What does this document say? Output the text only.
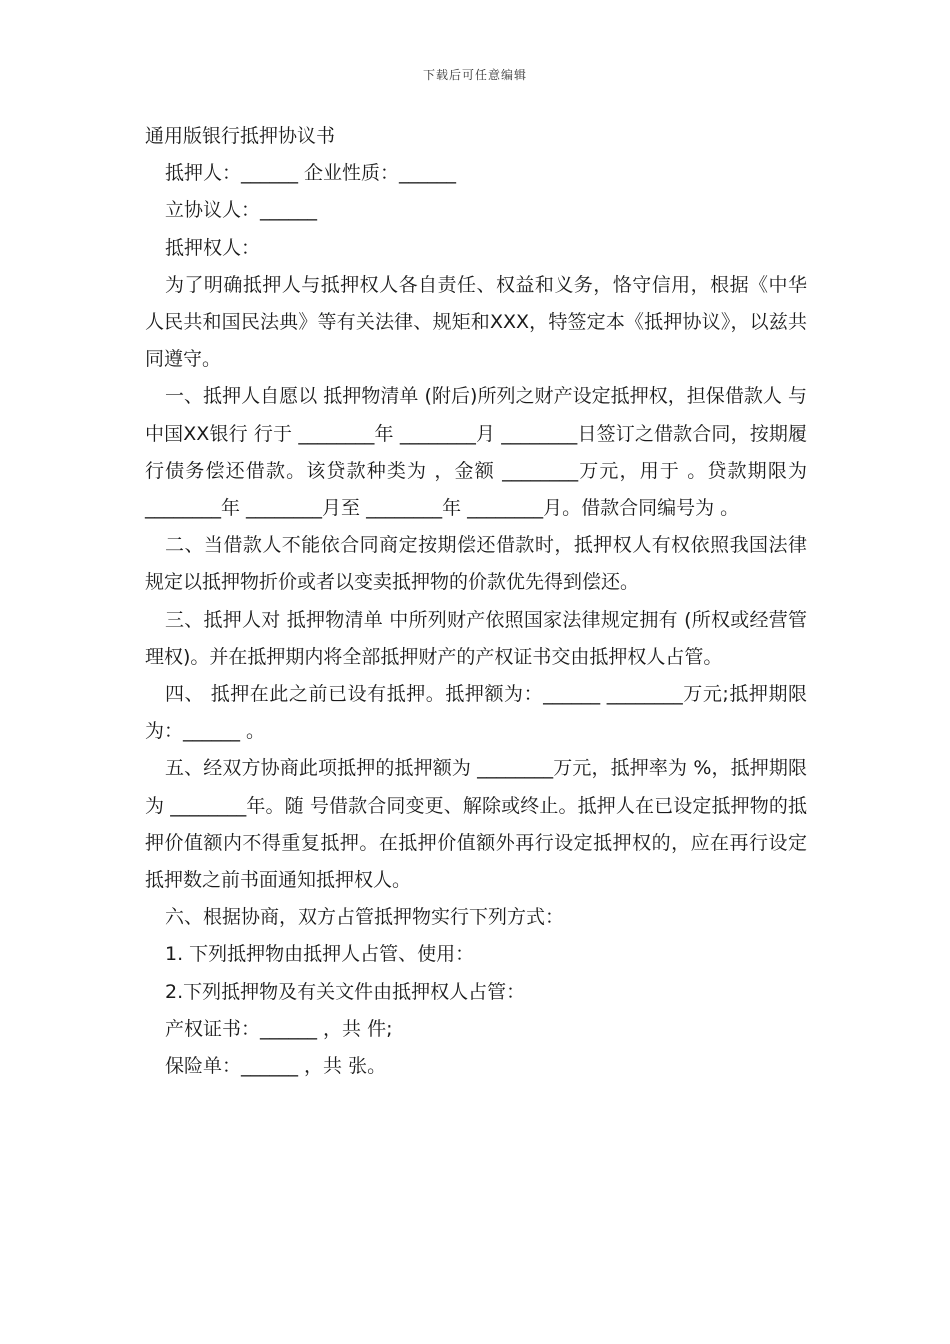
下载后可任意编辑

通用版银行抵押协议书

抵押人：______ 企业性质：______

立协议人：______

抵押权人：

为了明确抵押人与抵押权人各自责任、权益和义务，恪守信用，根据《中华人民共和国民法典》等有关法律、规矩和XXX，特签定本《抵押协议》，以兹共同遵守。

一、抵押人自愿以 抵押物清单 (附后)所列之财产设定抵押权，担保借款人 与中国XX银行 行于 ________年 ________月 ________日签订之借款合同，按期履行债务偿还借款。该贷款种类为 ，金额 ________万元，用于 。贷款期限为 ________年 ________月至 ________年 ________月。借款合同编号为 。

二、当借款人不能依合同商定按期偿还借款时，抵押权人有权依照我国法律规定以抵押物折价或者以变卖抵押物的价款优先得到偿还。

三、抵押人对 抵押物清单 中所列财产依照国家法律规定拥有 (所权或经营管理权)。并在抵押期内将全部抵押财产的产权证书交由抵押权人占管。

四、 抵押在此之前已设有抵押。抵押额为：______ ________万元;抵押期限为：______ 。

五、经双方协商此项抵押的抵押额为 ________万元，抵押率为 %，抵押期限为 ________年。随 号借款合同变更、解除或终止。抵押人在已设定抵押物的抵押价值额内不得重复抵押。在抵押价值额外再行设定抵押权的，应在再行设定抵押数之前书面通知抵押权人。

六、根据协商，双方占管抵押物实行下列方式：

1. 下列抵押物由抵押人占管、使用：

2.下列抵押物及有关文件由抵押权人占管：

产权证书：______ ，共 件;

保险单：______ ，共 张。
